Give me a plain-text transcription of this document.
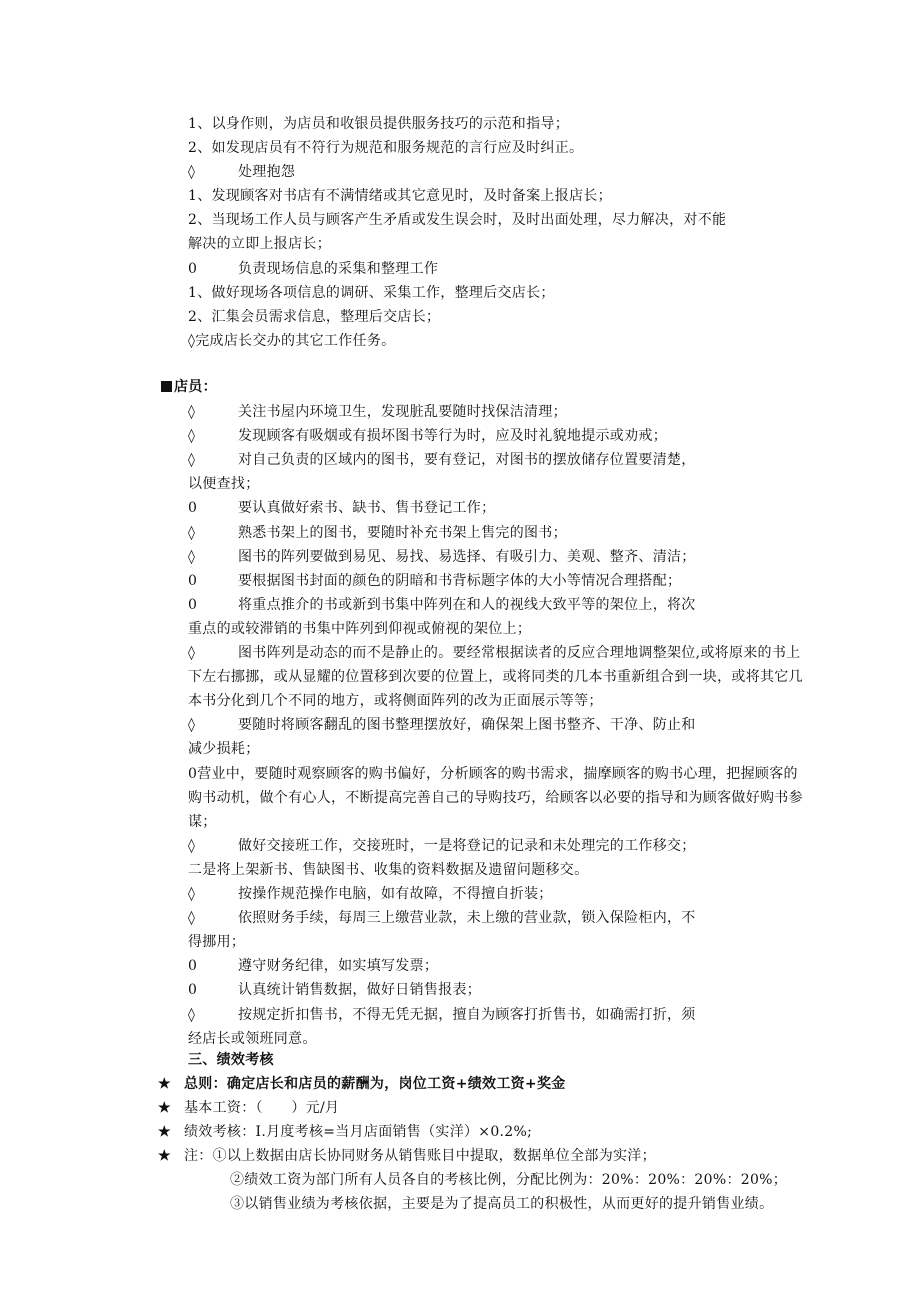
1、以身作则，为店员和收银员提供服务技巧的示范和指导；
2、如发现店员有不符行为规范和服务规范的言行应及时纠正。
◊	处理抱怨
1、发现顾客对书店有不满情绪或其它意见时，及时备案上报店长；
2、当现场工作人员与顾客产生矛盾或发生误会时，及时出面处理，尽力解决，对不能
解决的立即上报店长；
0	负责现场信息的采集和整理工作
1、做好现场各项信息的调研、采集工作，整理后交店长；
2、汇集会员需求信息，整理后交店长；
◊完成店长交办的其它工作任务。
店员：
◊	关注书屋内环境卫生，发现脏乱要随时找保洁清理；
◊	发现顾客有吸烟或有损坏图书等行为时，应及时礼貌地提示或劝戒；
◊	对自己负责的区域内的图书，要有登记，对图书的摆放储存位置要清楚，
以便查找；
0	要认真做好索书、缺书、售书登记工作；
◊	熟悉书架上的图书，要随时补充书架上售完的图书；
◊	图书的阵列要做到易见、易找、易选择、有吸引力、美观、整齐、清洁；
0	要根据图书封面的颜色的阴暗和书背标题字体的大小等情况合理搭配；
0	将重点推介的书或新到书集中阵列在和人的视线大致平等的架位上，将次
重点的或较滞销的书集中阵列到仰视或俯视的架位上；
◊	图书阵列是动态的而不是静止的。要经常根据读者的反应合理地调整架位,或将原来的书上
下左右挪挪，或从显耀的位置移到次要的位置上，或将同类的几本书重新组合到一块，或将其它几
本书分化到几个不同的地方，或将侧面阵列的改为正面展示等等；
◊	要随时将顾客翻乱的图书整理摆放好，确保架上图书整齐、干净、防止和
减少损耗；
0营业中，要随时观察顾客的购书偏好，分析顾客的购书需求，揣摩顾客的购书心理，把握顾客的
购书动机，做个有心人，不断提高完善自己的导购技巧，给顾客以必要的指导和为顾客做好购书参
谋；
◊	做好交接班工作，交接班时，一是将登记的记录和未处理完的工作移交；
二是将上架新书、售缺图书、收集的资料数据及遗留问题移交。
◊	按操作规范操作电脑，如有故障，不得擅自折装；
◊	依照财务手续，每周三上缴营业款，未上缴的营业款，锁入保险柜内，不
得挪用；
0	遵守财务纪律，如实填写发票；
0	认真统计销售数据，做好日销售报表；
◊	按规定折扣售书，不得无凭无据，擅自为顾客打折售书，如确需打折，须
经店长或领班同意。
三、绩效考核
★ 总则：确定店长和店员的薪酬为，岗位工资+绩效工资+奖金
★ 基本工资：（　　）元/月
★ 绩效考核：I.月度考核=当月店面销售（实洋）×0.2%;
★ 注：①以上数据由店长协同财务从销售账目中提取，数据单位全部为实洋；
②绩效工资为部门所有人员各自的考核比例，分配比例为：20%：20%：20%：20%；
③以销售业绩为考核依据，主要是为了提高员工的积极性，从而更好的提升销售业绩。
